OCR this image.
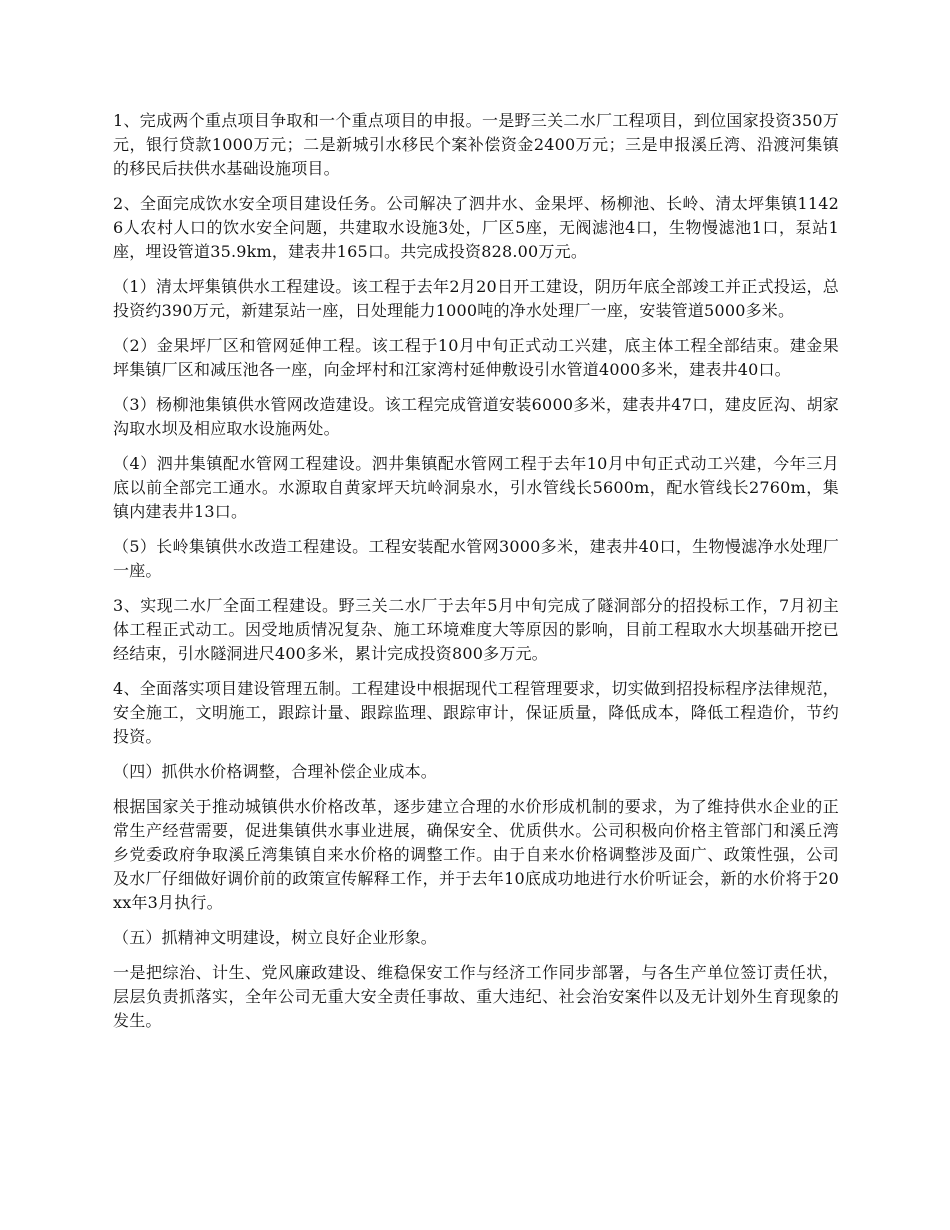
1、完成两个重点项目争取和一个重点项目的申报。一是野三关二水厂工程项目，到位国家投资350万元，银行贷款1000万元；二是新城引水移民个案补偿资金2400万元；三是申报溪丘湾、沿渡河集镇的移民后扶供水基础设施项目。

2、全面完成饮水安全项目建设任务。公司解决了泗井水、金果坪、杨柳池、长岭、清太坪集镇11426人农村人口的饮水安全问题，共建取水设施3处，厂区5座，无阀滤池4口，生物慢滤池1口，泵站1座，埋设管道35.9km，建表井165口。共完成投资828.00万元。

（1）清太坪集镇供水工程建设。该工程于去年2月20日开工建设，阴历年底全部竣工并正式投运，总投资约390万元，新建泵站一座，日处理能力1000吨的净水处理厂一座，安装管道5000多米。

（2）金果坪厂区和管网延伸工程。该工程于10月中旬正式动工兴建，底主体工程全部结束。建金果坪集镇厂区和减压池各一座，向金坪村和江家湾村延伸敷设引水管道4000多米，建表井40口。

（3）杨柳池集镇供水管网改造建设。该工程完成管道安装6000多米，建表井47口，建皮匠沟、胡家沟取水坝及相应取水设施两处。

（4）泗井集镇配水管网工程建设。泗井集镇配水管网工程于去年10月中旬正式动工兴建，今年三月底以前全部完工通水。水源取自黄家坪天坑岭洞泉水，引水管线长5600m，配水管线长2760m，集镇内建表井13口。

（5）长岭集镇供水改造工程建设。工程安装配水管网3000多米，建表井40口，生物慢滤净水处理厂一座。

3、实现二水厂全面工程建设。野三关二水厂于去年5月中旬完成了隧洞部分的招投标工作，7月初主体工程正式动工。因受地质情况复杂、施工环境难度大等原因的影响，目前工程取水大坝基础开挖已经结束，引水隧洞进尺400多米，累计完成投资800多万元。

4、全面落实项目建设管理五制。工程建设中根据现代工程管理要求，切实做到招投标程序法律规范，安全施工，文明施工，跟踪计量、跟踪监理、跟踪审计，保证质量，降低成本，降低工程造价，节约投资。

（四）抓供水价格调整，合理补偿企业成本。

根据国家关于推动城镇供水价格改革，逐步建立合理的水价形成机制的要求，为了维持供水企业的正常生产经营需要，促进集镇供水事业进展，确保安全、优质供水。公司积极向价格主管部门和溪丘湾乡党委政府争取溪丘湾集镇自来水价格的调整工作。由于自来水价格调整涉及面广、政策性强，公司及水厂仔细做好调价前的政策宣传解释工作，并于去年10底成功地进行水价听证会，新的水价将于20xx年3月执行。

（五）抓精神文明建设，树立良好企业形象。

一是把综治、计生、党风廉政建设、维稳保安工作与经济工作同步部署，与各生产单位签订责任状，层层负责抓落实，全年公司无重大安全责任事故、重大违纪、社会治安案件以及无计划外生育现象的发生。
